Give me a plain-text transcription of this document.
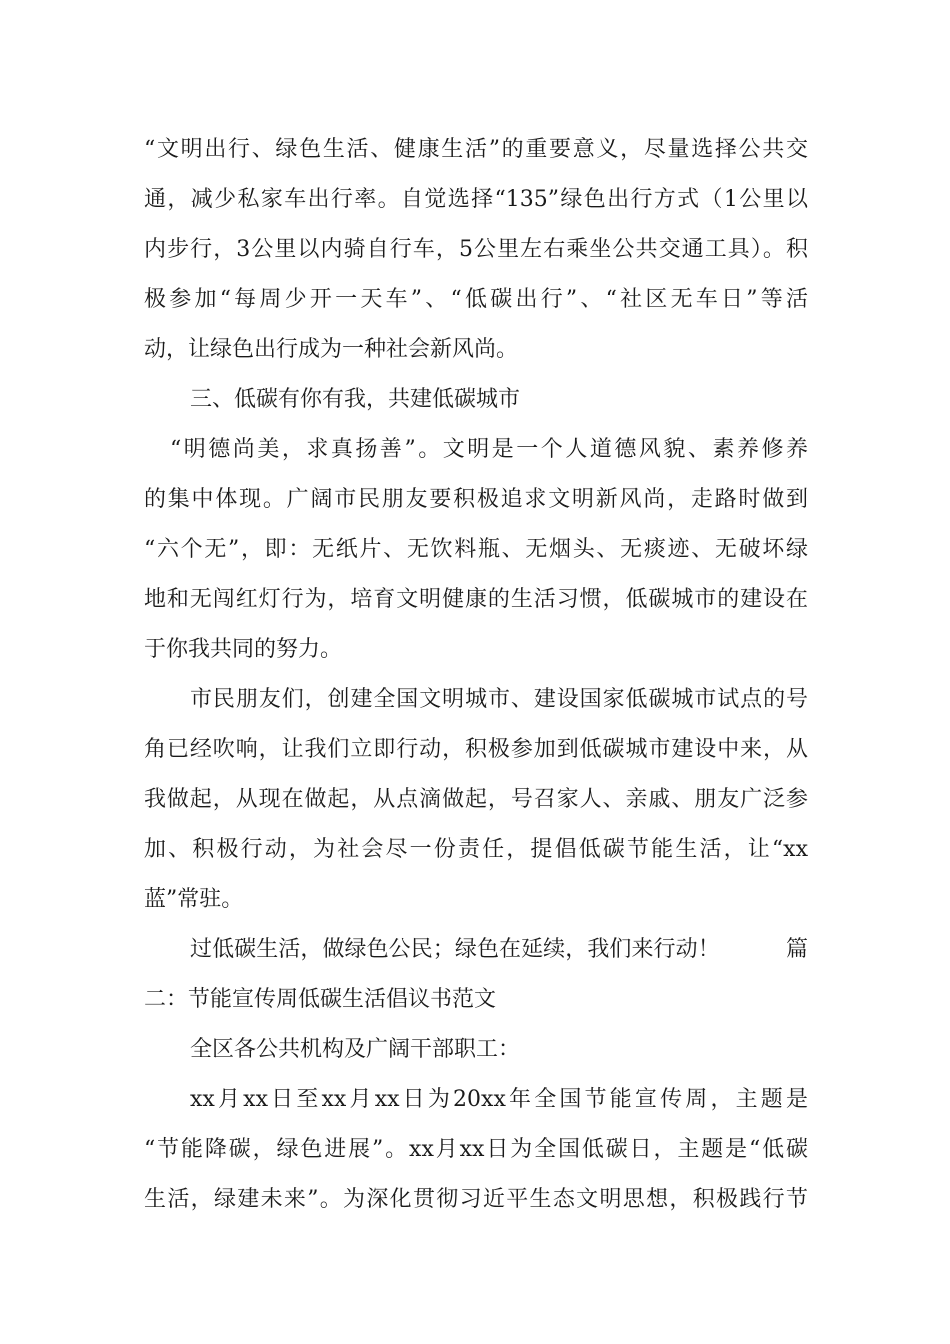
“文明出行、绿色生活、健康生活”的重要意义，尽量选择公共交
通，减少私家车出行率。自觉选择“135”绿色出行方式（1公里以
内步行，3公里以内骑自行车，5公里左右乘坐公共交通工具）。积
极参加“每周少开一天车”、“低碳出行”、“社区无车日”等活
动，让绿色出行成为一种社会新风尚。
三、低碳有你有我，共建低碳城市
“明德尚美，求真扬善”。文明是一个人道德风貌、素养修养
的集中体现。广阔市民朋友要积极追求文明新风尚，走路时做到
“六个无”，即：无纸片、无饮料瓶、无烟头、无痰迹、无破坏绿
地和无闯红灯行为，培育文明健康的生活习惯，低碳城市的建设在
于你我共同的努力。
市民朋友们，创建全国文明城市、建设国家低碳城市试点的号
角已经吹响，让我们立即行动，积极参加到低碳城市建设中来，从
我做起，从现在做起，从点滴做起，号召家人、亲戚、朋友广泛参
加、积极行动，为社会尽一份责任，提倡低碳节能生活，让“xx
蓝”常驻。
过低碳生活，做绿色公民；绿色在延续，我们来行动！　　　篇
二：节能宣传周低碳生活倡议书范文
全区各公共机构及广阔干部职工：
xx月xx日至xx月xx日为20xx年全国节能宣传周，主题是
“节能降碳，绿色进展”。xx月xx日为全国低碳日，主题是“低碳
生活，绿建未来”。为深化贯彻习近平生态文明思想，积极践行节
